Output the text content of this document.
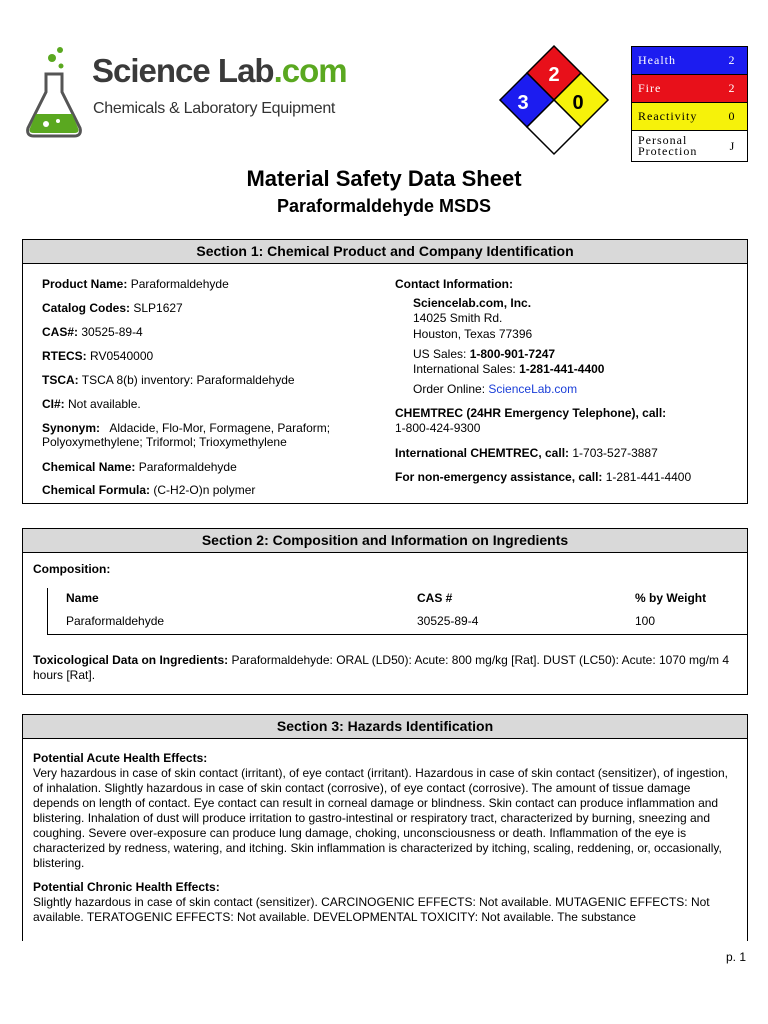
Science Lab.com
Chemicals & Laboratory Equipment
2
3 0
Health	2
Fire	2
Reactivity	0
Personal Protection	J
Material Safety Data Sheet
Paraformaldehyde MSDS
Section 1: Chemical Product and Company Identification
Product Name: Paraformaldehyde
Catalog Codes: SLP1627
CAS#: 30525-89-4
RTECS: RV0540000
TSCA: TSCA 8(b) inventory: Paraformaldehyde
CI#: Not available.
Synonym:   Aldacide, Flo-Mor, Formagene, Paraform;
Polyoxymethylene; Triformol; Trioxymethylene
Chemical Name: Paraformaldehyde
Chemical Formula: (C-H2-O)n polymer
Contact Information:
Sciencelab.com, Inc.
14025 Smith Rd.
Houston, Texas 77396
US Sales: 1-800-901-7247
International Sales: 1-281-441-4400
Order Online: ScienceLab.com
CHEMTREC (24HR Emergency Telephone), call:
1-800-424-9300
International CHEMTREC, call: 1-703-527-3887
For non-emergency assistance, call: 1-281-441-4400
Section 2: Composition and Information on Ingredients
Composition:
Name	CAS #	% by Weight
Paraformaldehyde	30525-89-4	100
Toxicological Data on Ingredients: Paraformaldehyde: ORAL (LD50): Acute: 800 mg/kg [Rat]. DUST (LC50): Acute: 1070 mg/m 4 hours [Rat].
Section 3: Hazards Identification
Potential Acute Health Effects:
Very hazardous in case of skin contact (irritant), of eye contact (irritant). Hazardous in case of skin contact (sensitizer), of ingestion, of inhalation. Slightly hazardous in case of skin contact (corrosive), of eye contact (corrosive). The amount of tissue damage depends on length of contact. Eye contact can result in corneal damage or blindness. Skin contact can produce inflammation and blistering. Inhalation of dust will produce irritation to gastro-intestinal or respiratory tract, characterized by burning, sneezing and coughing. Severe over-exposure can produce lung damage, choking, unconsciousness or death. Inflammation of the eye is characterized by redness, watering, and itching. Skin inflammation is characterized by itching, scaling, reddening, or, occasionally, blistering.
Potential Chronic Health Effects:
Slightly hazardous in case of skin contact (sensitizer). CARCINOGENIC EFFECTS: Not available. MUTAGENIC EFFECTS: Not available. TERATOGENIC EFFECTS: Not available. DEVELOPMENTAL TOXICITY: Not available. The substance
p. 1
